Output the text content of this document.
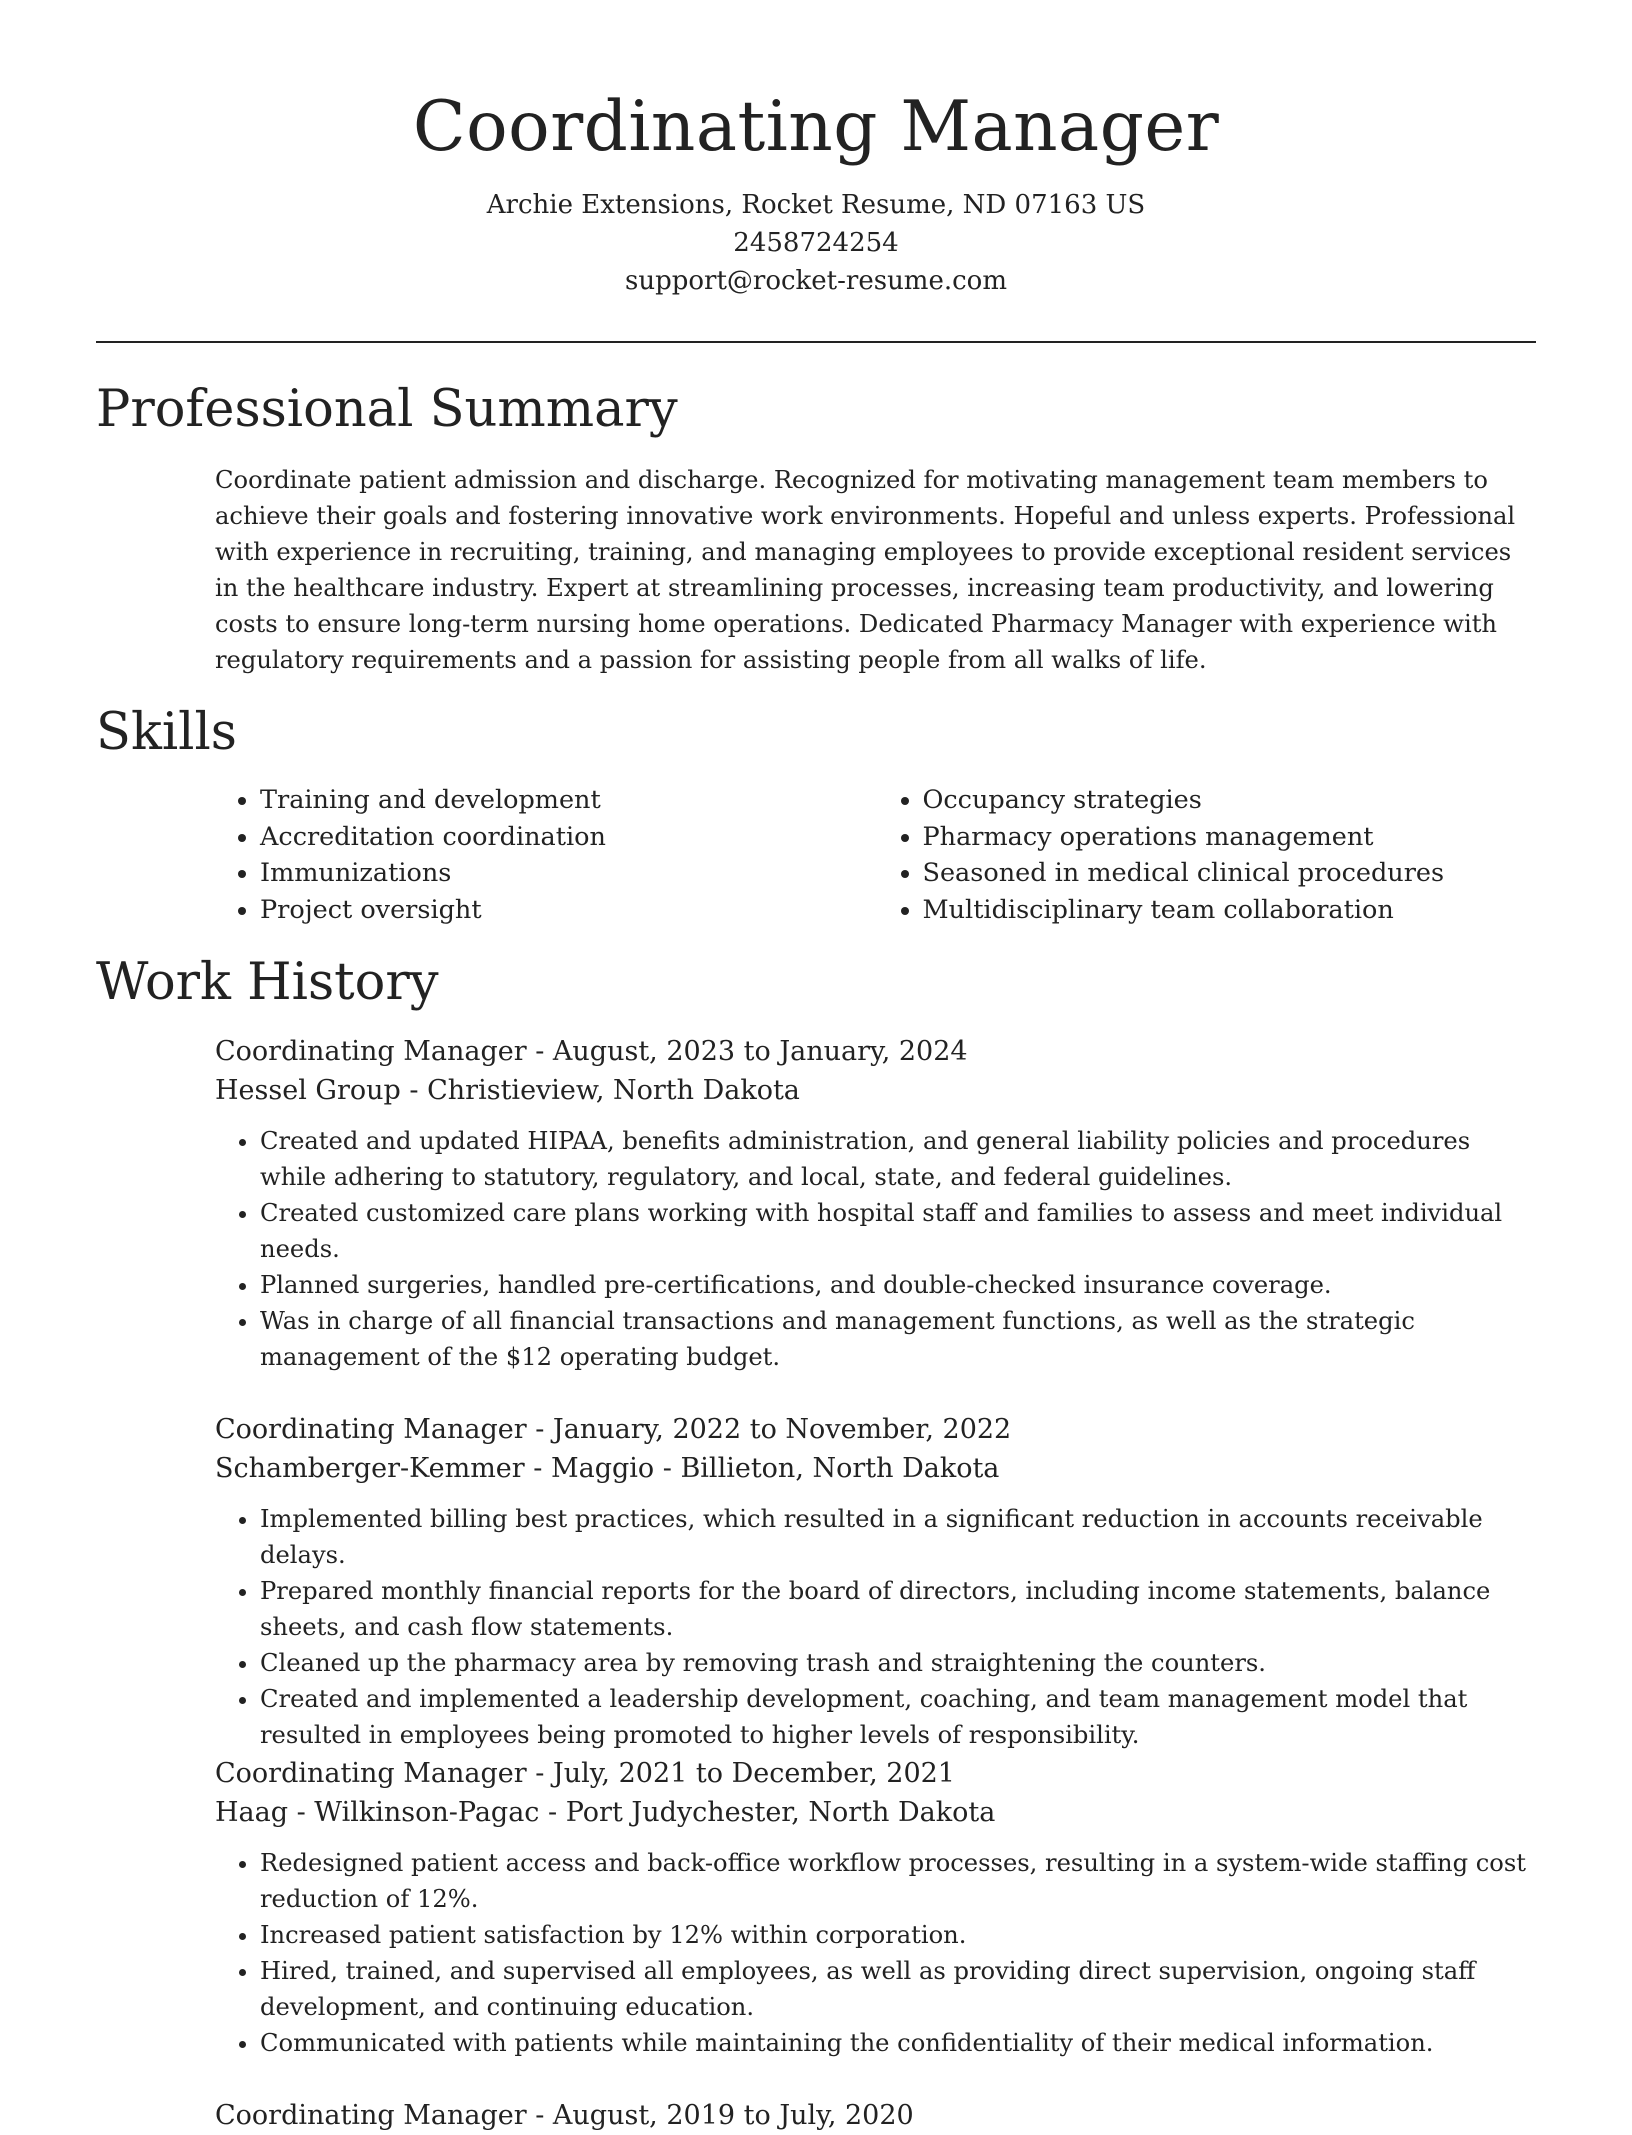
Coordinating Manager
Archie Extensions, Rocket Resume, ND 07163 US
2458724254
support@rocket-resume.com
Professional Summary

Coordinate patient admission and discharge. Recognized for motivating management team members to achieve their goals and fostering innovative work environments. Hopeful and unless experts. Professional with experience in recruiting, training, and managing employees to provide exceptional resident services in the healthcare industry. Expert at streamlining processes, increasing team productivity, and lowering costs to ensure long-term nursing home operations. Dedicated Pharmacy Manager with experience with regulatory requirements and a passion for assisting people from all walks of life.

Skills
• Training and development
• Accreditation coordination
• Immunizations
• Project oversight
• Occupancy strategies
• Pharmacy operations management
• Seasoned in medical clinical procedures
• Multidisciplinary team collaboration
Work History
Coordinating Manager - August, 2023 to January, 2024
Hessel Group - Christieview, North Dakota
• Created and updated HIPAA, benefits administration, and general liability policies and procedures while adhering to statutory, regulatory, and local, state, and federal guidelines.
• Created customized care plans working with hospital staff and families to assess and meet individual needs.
• Planned surgeries, handled pre-certifications, and double-checked insurance coverage.
• Was in charge of all financial transactions and management functions, as well as the strategic management of the $12 operating budget.
Coordinating Manager - January, 2022 to November, 2022
Schamberger-Kemmer - Maggio - Billieton, North Dakota
• Implemented billing best practices, which resulted in a significant reduction in accounts receivable delays.
• Prepared monthly financial reports for the board of directors, including income statements, balance sheets, and cash flow statements.
• Cleaned up the pharmacy area by removing trash and straightening the counters.
• Created and implemented a leadership development, coaching, and team management model that resulted in employees being promoted to higher levels of responsibility.
Coordinating Manager - July, 2021 to December, 2021
Haag - Wilkinson-Pagac - Port Judychester, North Dakota
• Redesigned patient access and back-office workflow processes, resulting in a system-wide staffing cost reduction of 12%.
• Increased patient satisfaction by 12% within corporation.
• Hired, trained, and supervised all employees, as well as providing direct supervision, ongoing staff development, and continuing education.
• Communicated with patients while maintaining the confidentiality of their medical information.
Coordinating Manager - August, 2019 to July, 2020
